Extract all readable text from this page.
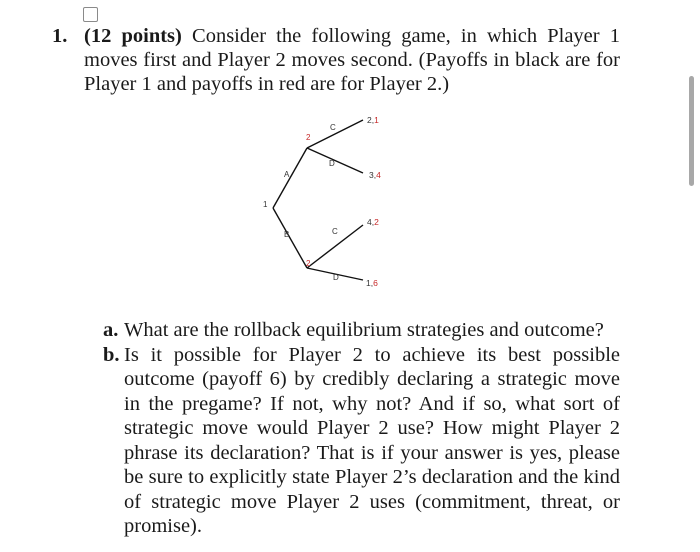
1. (12 points) Consider the following game, in which Player 1 moves first and Player 2 moves second. (Payoffs in black are for Player 1 and payoffs in red are for Player 2.)
1
2
2
A
B
C
D
C
D
2,1
3,4
4,2
1,6
a. What are the rollback equilibrium strategies and outcome?
b. Is it possible for Player 2 to achieve its best possible outcome (payoff 6) by credibly declaring a strategic move in the pregame? If not, why not? And if so, what sort of strategic move would Player 2 use? How might Player 2 phrase its declaration? That is if your answer is yes, please be sure to explicitly state Player 2’s declaration and the kind of strategic move Player 2 uses (commitment, threat, or promise).
